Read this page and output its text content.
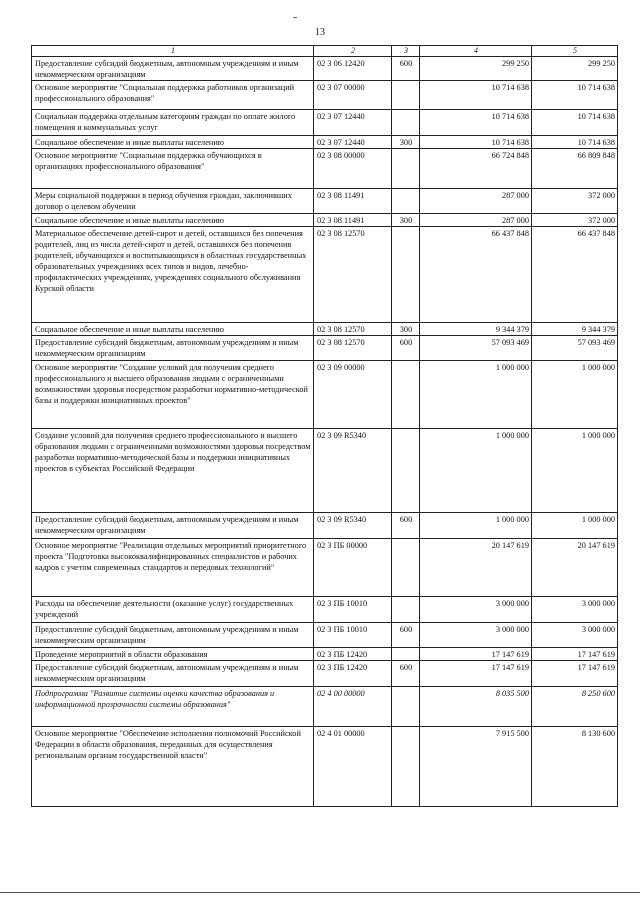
13
1	2	3	4	5
Предоставление субсидий бюджетным, автономным учреждениям и иным некоммерческим организациям	02 3 06 12420	600	299 250	299 250
Основное мероприятие "Социальная поддержка работников организаций профессионального образования"	02 3 07 00000		10 714 638	10 714 638
Социальная поддержка отдельным категориям граждан по оплате жилого помещения и коммунальных услуг	02 3 07 12440		10 714 638	10 714 638
Социальное обеспечение и иные выплаты населению	02 3 07 12440	300	10 714 638	10 714 638
Основное мероприятие "Социальная поддержка обучающихся в организациях профессионального образования"	02 3 08 00000		66 724 848	66 809 848
Меры социальной поддержки в период обучения граждан, заключивших договор о целевом обучении	02 3 08 11491		287 000	372 000
Социальное обеспечение и иные выплаты населению	02 3 08 11491	300	287 000	372 000
Материальное обеспечение детей-сирот и детей, оставшихся без попечения родителей, лиц из числа детей-сирот и детей, оставшихся без попечения родителей, обучающихся и воспитывающихся в областных государственных образовательных учреждениях всех типов и видов, лечебно-профилактических учреждениях, учреждениях социального обслуживания Курской области	02 3 08 12570		66 437 848	66 437 848
Социальное обеспечение и иные выплаты населению	02 3 08 12570	300	9 344 379	9 344 379
Предоставление субсидий бюджетным, автономным учреждениям и иным некоммерческим организациям	02 3 08 12570	600	57 093 469	57 093 469
Основное мероприятие "Создание условий для получения среднего профессионального и высшего образования людьми с ограниченными возможностями здоровья посредством разработки нормативно-методической базы и поддержки инициативных проектов"	02 3 09 00000		1 000 000	1 000 000
Создание условий для получения среднего профессионального и высшего образования людьми с ограниченными возможностями здоровья посредством разработки нормативно-методической базы и поддержки инициативных проектов в субъектах Российской Федерации	02 3 09 R5340		1 000 000	1 000 000
Предоставление субсидий бюджетным, автономным учреждениям и иным некоммерческим организациям	02 3 09 R5340	600	1 000 000	1 000 000
Основное мероприятие "Реализация отдельных мероприятий приоритетного проекта "Подготовка высококвалифицированных специалистов и рабочих кадров с учетом современных стандартов и передовых технологий"	02 3 ПБ 00000		20 147 619	20 147 619
Расходы на обеспечение деятельности (оказание услуг) государственных учреждений	02 3 ПБ 10010		3 000 000	3 000 000
Предоставление субсидий бюджетным, автономным учреждениям и иным некоммерческим организациям	02 3 ПБ 10010	600	3 000 000	3 000 000
Проведение мероприятий в области образования	02 3 ПБ 12420		17 147 619	17 147 619
Предоставление субсидий бюджетным, автономным учреждениям и иным некоммерческим организациям	02 3 ПБ 12420	600	17 147 619	17 147 619
Подпрограмма "Развитие системы оценки качества образования и информационной прозрачности системы образования"	02 4 00 00000		8 035 500	8 250 600
Основное мероприятие "Обеспечение исполнения полномочий Российской Федерации в области образования, переданных для осуществления региональным органам государственной власти"	02 4 01 00000		7 915 500	8 130 600
